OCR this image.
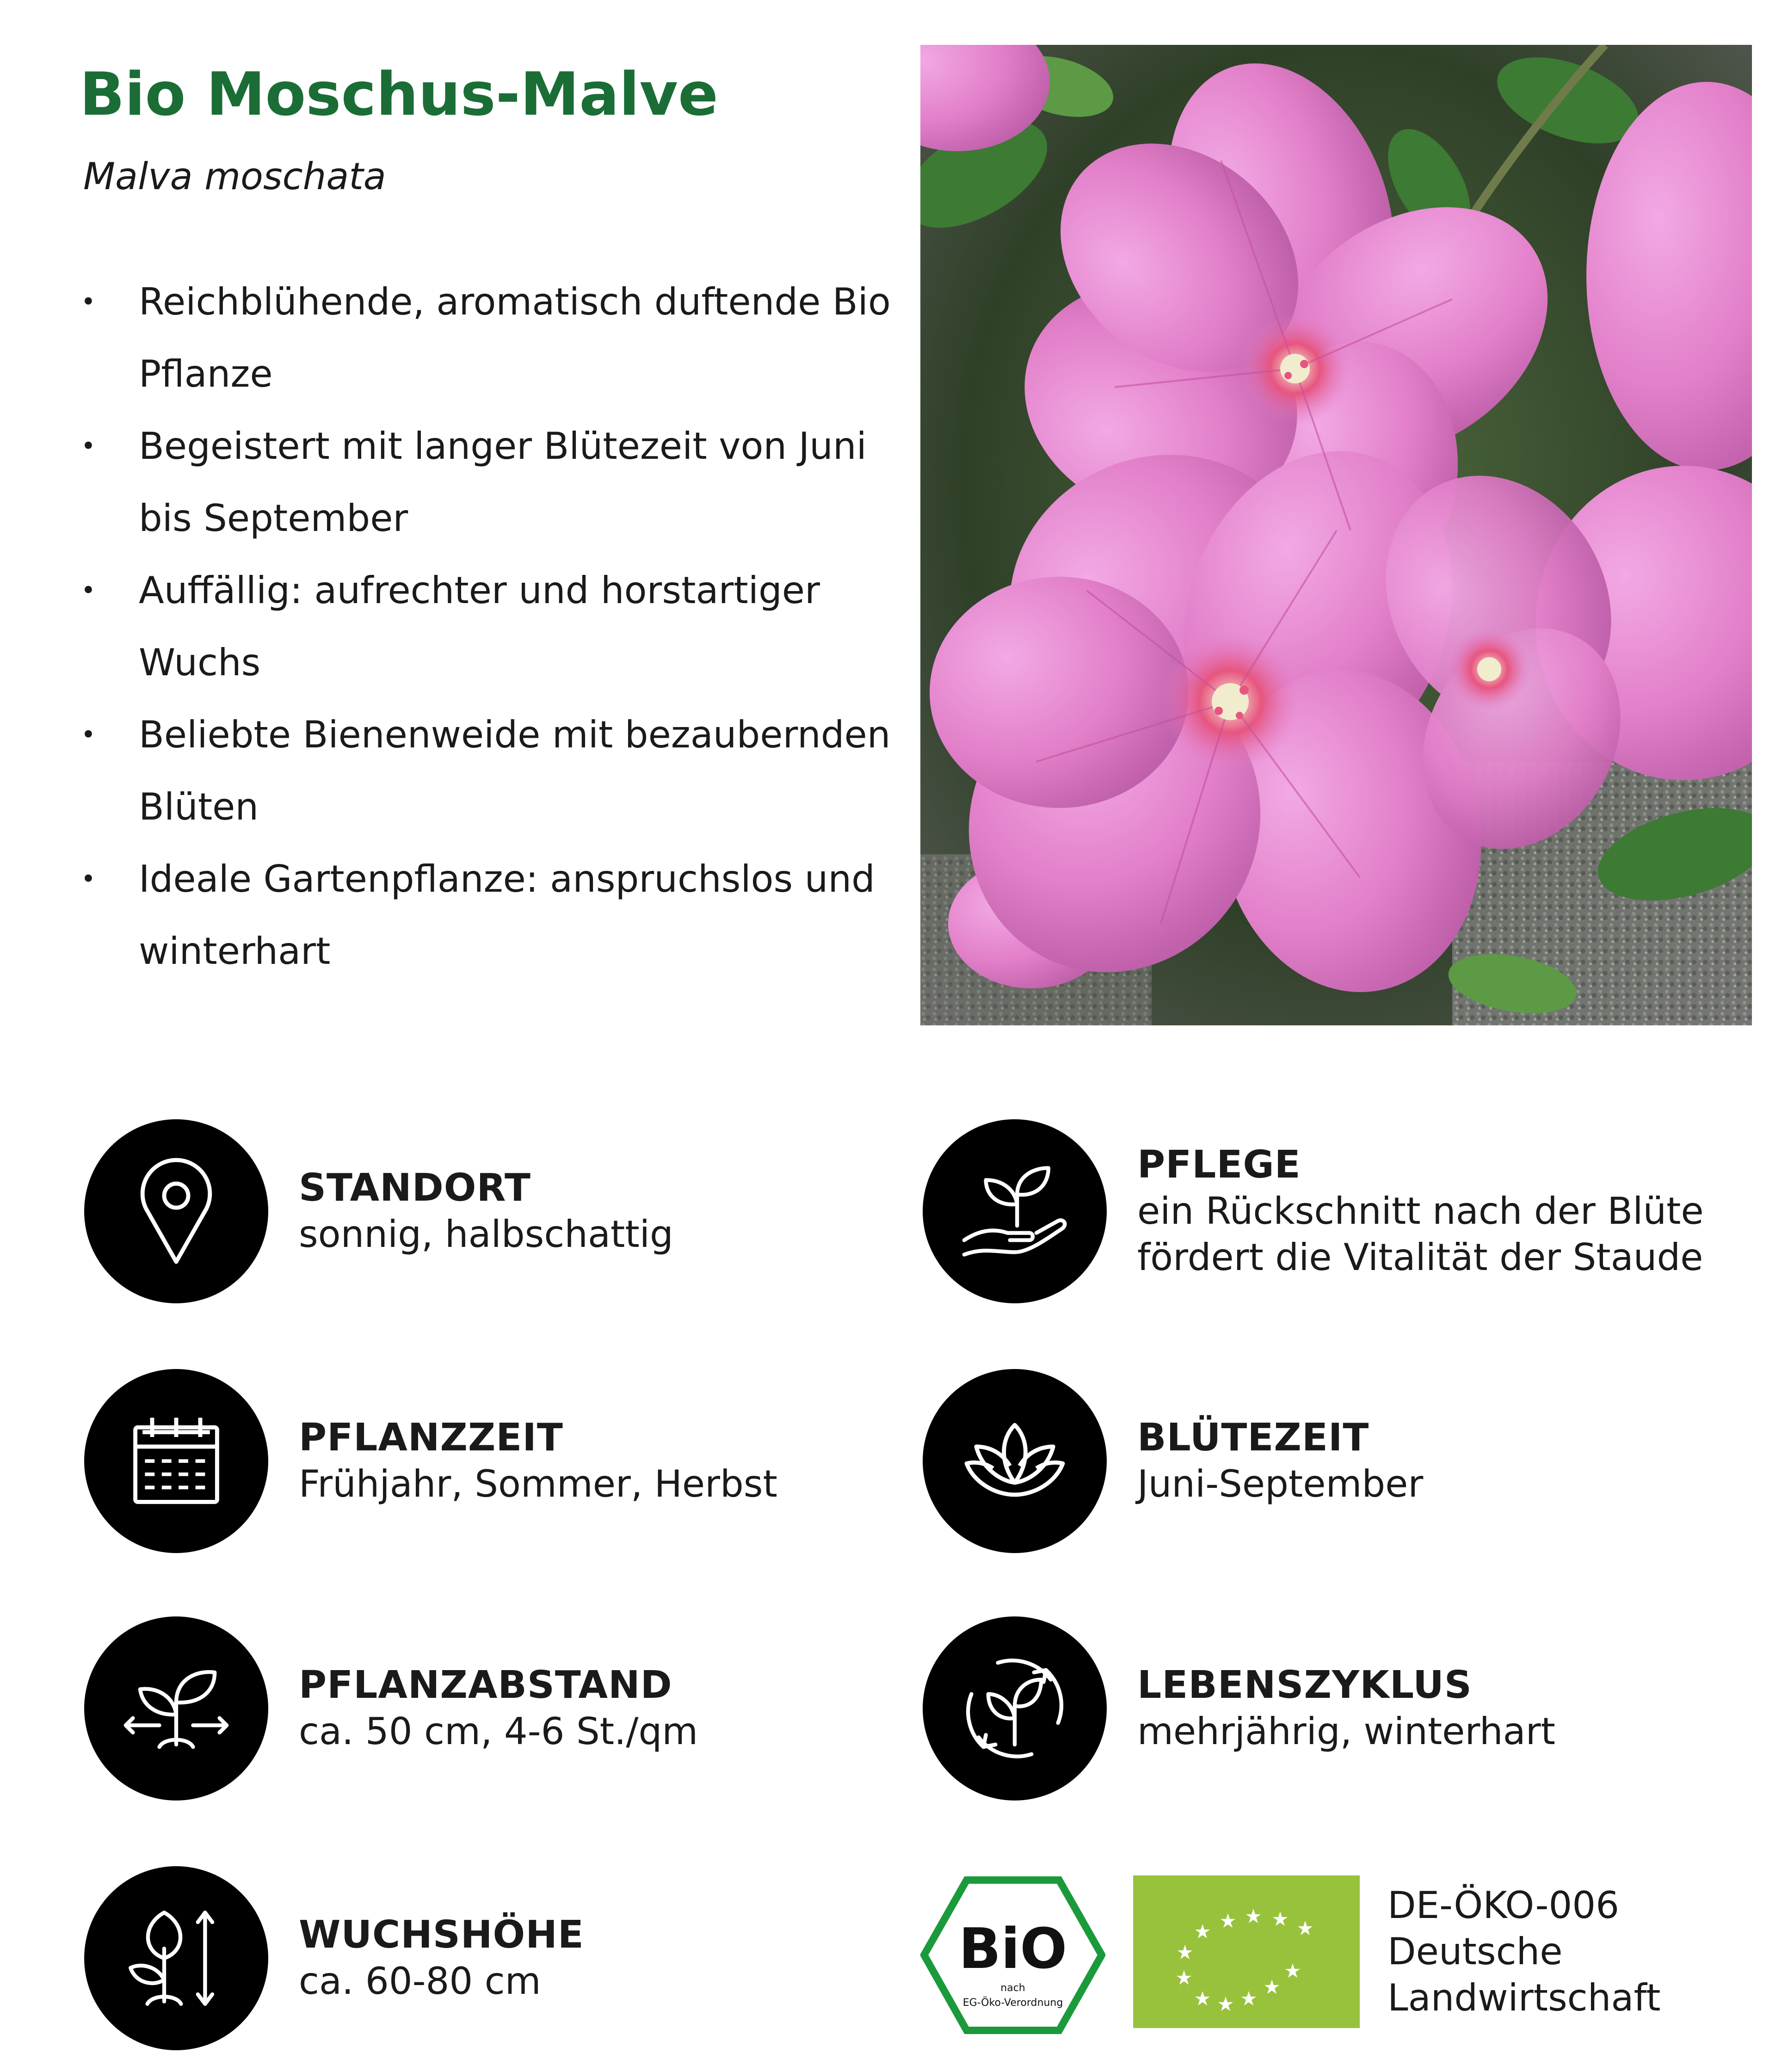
Bio Moschus-Malve
Malva moschata
• Reichblühende, aromatisch duftende Bio Pflanze
• Begeistert mit langer Blütezeit von Juni bis September
• Auffällig: aufrechter und horstartiger Wuchs
• Beliebte Bienenweide mit bezaubernden Blüten
• Ideale Gartenpflanze: anspruchslos und winterhart
STANDORT
sonnig, halbschattig
PFLANZZEIT
Frühjahr, Sommer, Herbst
PFLANZABSTAND
ca. 50 cm, 4-6 St./qm
WUCHSHÖHE
ca. 60-80 cm
PFLEGE
ein Rückschnitt nach der Blüte
fördert die Vitalität der Staude
BLÜTEZEIT
Juni-September
LEBENSZYKLUS
mehrjährig, winterhart
BiO
nach
EG-Öko-Verordnung
DE-ÖKO-006
Deutsche
Landwirtschaft
